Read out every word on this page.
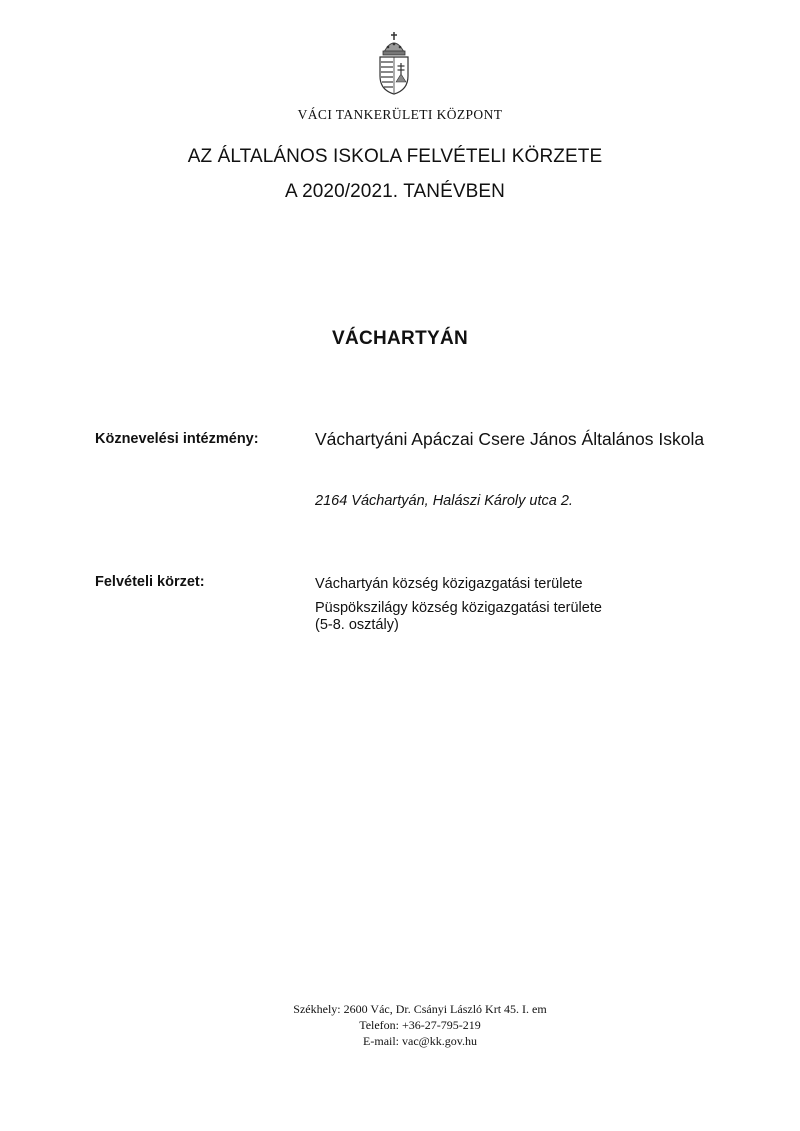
VÁCI TANKERÜLETI KÖZPONT
AZ ÁLTALÁNOS ISKOLA FELVÉTELI KÖRZETE
A 2020/2021. TANÉVBEN
VÁCHARTYÁN
Köznevelési intézmény:	Váchartyáni Apáczai Csere János Általános Iskola
2164 Váchartyán, Halászi Károly utca 2.
Felvételi körzet:	Váchartyán község közigazgatási területe
Püspökszilágy község közigazgatási területe
(5-8. osztály)
Székhely: 2600 Vác, Dr. Csányi László Krt 45. I. em
Telefon: +36-27-795-219
E-mail: vac@kk.gov.hu
